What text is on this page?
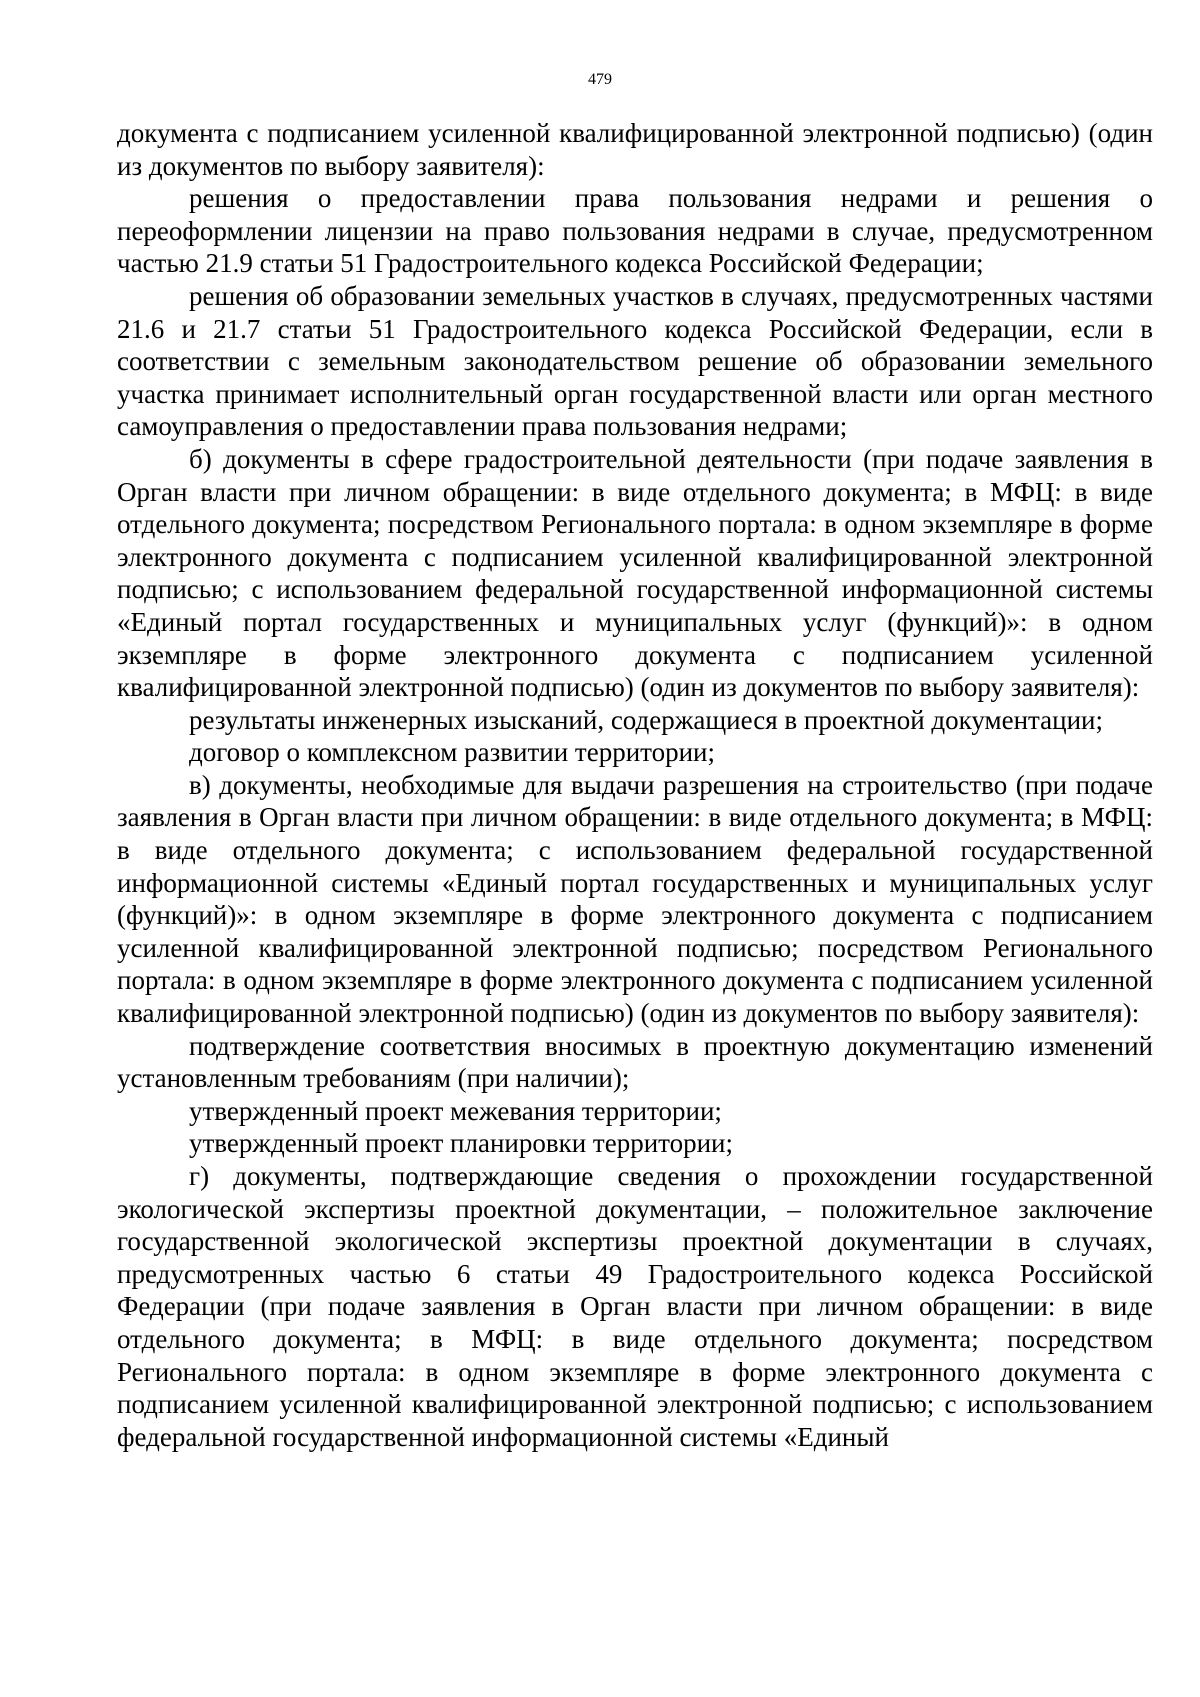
479

документа с подписанием усиленной квалифицированной электронной подписью) (один из документов по выбору заявителя):

решения о предоставлении права пользования недрами и решения о переоформлении лицензии на право пользования недрами в случае, предусмотренном частью 21.9 статьи 51 Градостроительного кодекса Российской Федерации;

решения об образовании земельных участков в случаях, предусмотренных частями 21.6 и 21.7 статьи 51 Градостроительного кодекса Российской Федерации, если в соответствии с земельным законодательством решение об образовании земельного участка принимает исполнительный орган государственной власти или орган местного самоуправления о предоставлении права пользования недрами;

б) документы в сфере градостроительной деятельности (при подаче заявления в Орган власти при личном обращении: в виде отдельного документа; в МФЦ: в виде отдельного документа; посредством Регионального портала: в одном экземпляре в форме электронного документа с подписанием усиленной квалифицированной электронной подписью; с использованием федеральной государственной информационной системы «Единый портал государственных и муниципальных услуг (функций)»: в одном экземпляре в форме электронного документа с подписанием усиленной квалифицированной электронной подписью) (один из документов по выбору заявителя):

результаты инженерных изысканий, содержащиеся в проектной документации;

договор о комплексном развитии территории;

в) документы, необходимые для выдачи разрешения на строительство (при подаче заявления в Орган власти при личном обращении: в виде отдельного документа; в МФЦ: в виде отдельного документа; с использованием федеральной государственной информационной системы «Единый портал государственных и муниципальных услуг (функций)»: в одном экземпляре в форме электронного документа с подписанием усиленной квалифицированной электронной подписью; посредством Регионального портала: в одном экземпляре в форме электронного документа с подписанием усиленной квалифицированной электронной подписью) (один из документов по выбору заявителя):

подтверждение соответствия вносимых в проектную документацию изменений установленным требованиям (при наличии);

утвержденный проект межевания территории;

утвержденный проект планировки территории;

г) документы, подтверждающие сведения о прохождении государственной экологической экспертизы проектной документации, – положительное заключение государственной экологической экспертизы проектной документации в случаях, предусмотренных частью 6 статьи 49 Градостроительного кодекса Российской Федерации (при подаче заявления в Орган власти при личном обращении: в виде отдельного документа; в МФЦ: в виде отдельного документа; посредством Регионального портала: в одном экземпляре в форме электронного документа с подписанием усиленной квалифицированной электронной подписью; с использованием федеральной государственной информационной системы «Единый
